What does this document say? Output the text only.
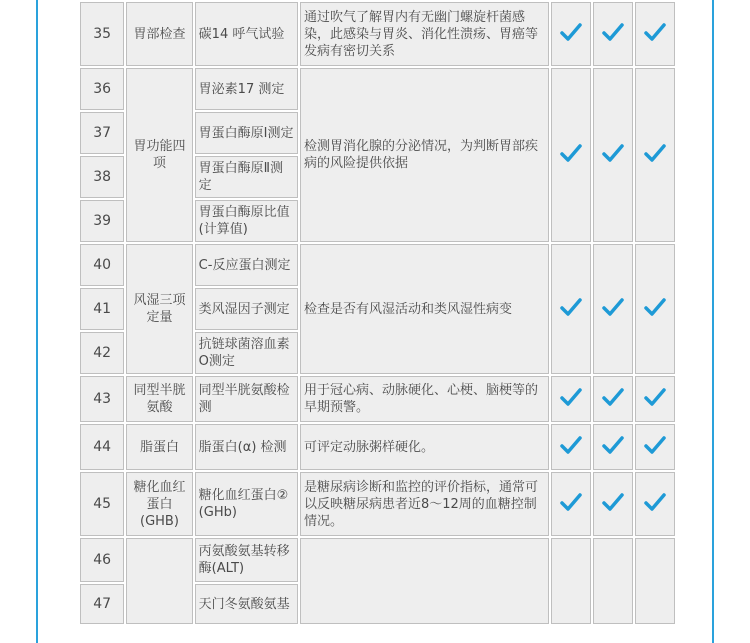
35	胃部检查	碳14 呼气试验	通过吹气了解胃内有无幽门螺旋杆菌感染，此感染与胃炎、消化性溃疡、胃癌等发病有密切关系			
36	胃功能四项	胃泌素17 测定	检测胃消化腺的分泌情况，为判断胃部疾病的风险提供依据			
37		胃蛋白酶原Ⅰ测定				
38		胃蛋白酶原Ⅱ测定				
39		胃蛋白酶原比值(计算值)				
40	风湿三项定量	C-反应蛋白测定	检查是否有风湿活动和类风湿性病变			
41		类风湿因子测定				
42		抗链球菌溶血素O测定				
43	同型半胱氨酸	同型半胱氨酸检测	用于冠心病、动脉硬化、心梗、脑梗等的早期预警。			
44	脂蛋白	脂蛋白(α) 检测	可评定动脉粥样硬化。			
45	糖化血红蛋白(GHB)	糖化血红蛋白② (GHb)	是糖尿病诊断和监控的评价指标，通常可以反映糖尿病患者近8～12周的血糖控制情况。			
46		丙氨酸氨基转移酶(ALT)				
47		天门冬氨酸氨基				
